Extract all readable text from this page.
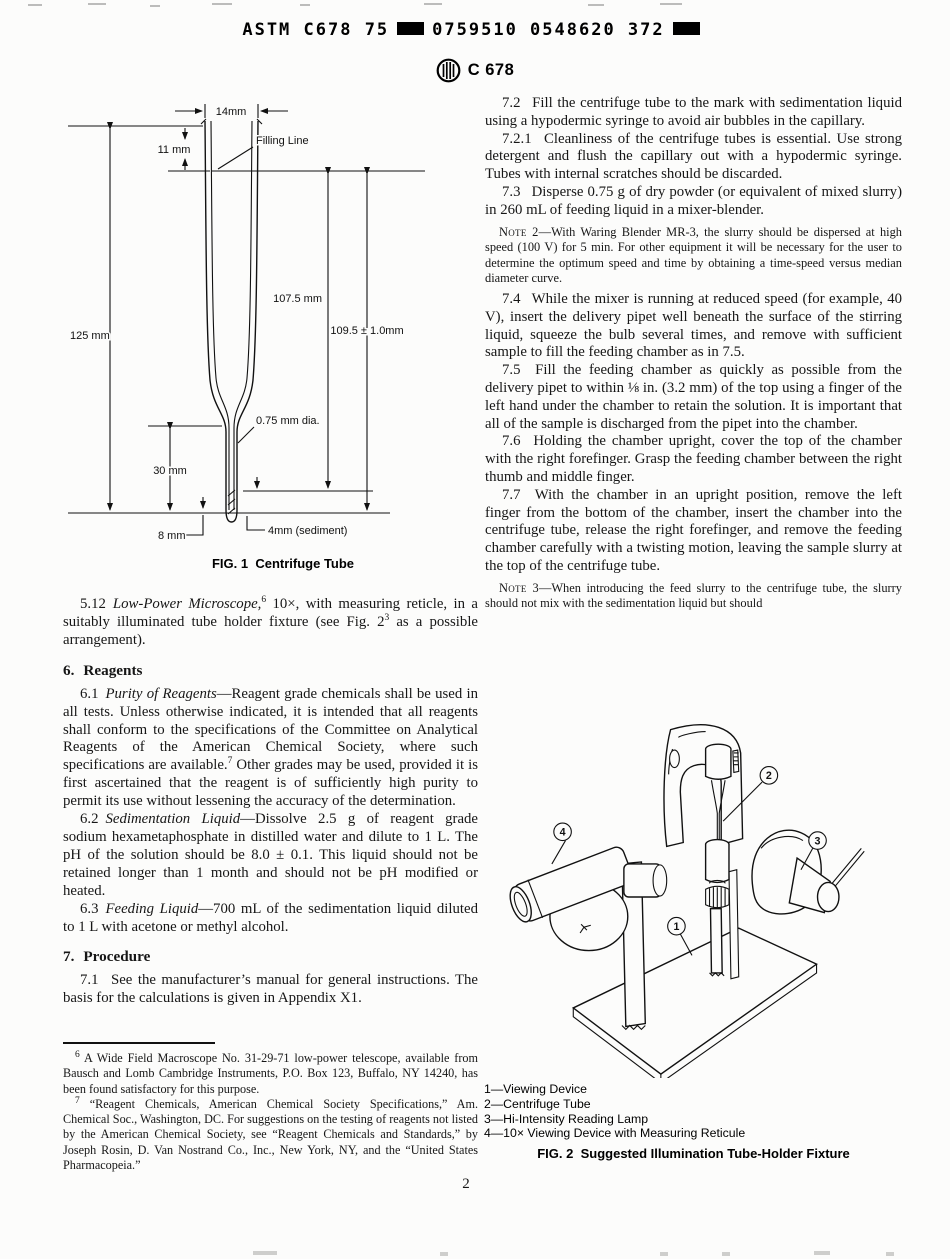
ASTM C678 75	0759510 0548620 372
C 678
14mm
11 mm
Filling Line
107.5 mm
125 mm	109.5 ± 1.0mm
0.75 mm dia.
30 mm
8 mm	4mm (sediment)
FIG. 1 Centrifuge Tube

5.12 Low-Power Microscope,$^6$ 10×, with measuring reticle, in a suitably illuminated tube holder fixture (see Fig. $2^3$ as a possible arrangement).

6. Reagents

6.1 Purity of Reagents—Reagent grade chemicals shall be used in all tests. Unless otherwise indicated, it is intended that all reagents shall conform to the specifications of the Committee on Analytical Reagents of the American Chemical Society, where such specifications are available.$^7$ Other grades may be used, provided it is first ascertained that the reagent is of sufficiently high purity to permit its use without lessening the accuracy of the determination.

6.2 Sedimentation Liquid—Dissolve 2.5 g of reagent grade sodium hexametaphosphate in distilled water and dilute to 1 L. The pH of the solution should be 8.0 ± 0.1. This liquid should not be retained longer than 1 month and should not be pH modified or heated.

6.3 Feeding Liquid—700 mL of the sedimentation liquid diluted to 1 L with acetone or methyl alcohol.

7. Procedure

7.1 See the manufacturer’s manual for general instructions. The basis for the calculations is given in Appendix X1.

$^6$ A Wide Field Macroscope No. 31-29-71 low-power telescope, available from Bausch and Lomb Cambridge Instruments, P.O. Box 123, Buffalo, NY 14240, has been found satisfactory for this purpose.

$^7$ “Reagent Chemicals, American Chemical Society Specifications,” Am. Chemical Soc., Washington, DC. For suggestions on the testing of reagents not listed by the American Chemical Society, see “Reagent Chemicals and Standards,” by Joseph Rosin, D. Van Nostrand Co., Inc., New York, NY, and the “United States Pharmacopeia.”

7.2 Fill the centrifuge tube to the mark with sedimentation liquid using a hypodermic syringe to avoid air bubbles in the capillary.

7.2.1 Cleanliness of the centrifuge tubes is essential. Use strong detergent and flush the capillary out with a hypodermic syringe. Tubes with internal scratches should be discarded.

7.3 Disperse 0.75 g of dry powder (or equivalent of mixed slurry) in 260 mL of feeding liquid in a mixer-blender.

Note 2—With Waring Blender MR-3, the slurry should be dispersed at high speed (100 V) for 5 min. For other equipment it will be necessary for the user to determine the optimum speed and time by obtaining a time-speed versus median diameter curve.

7.4 While the mixer is running at reduced speed (for example, 40 V), insert the delivery pipet well beneath the surface of the stirring liquid, squeeze the bulb several times, and remove with sufficient sample to fill the feeding chamber as in 7.5.

7.5 Fill the feeding chamber as quickly as possible from the delivery pipet to within ⅛ in. (3.2 mm) of the top using a finger of the left hand under the chamber to retain the solution. It is important that all of the sample is discharged from the pipet into the chamber.

7.6 Holding the chamber upright, cover the top of the chamber with the right forefinger. Grasp the feeding chamber between the right thumb and middle finger.

7.7 With the chamber in an upright position, remove the left finger from the bottom of the chamber, insert the chamber into the centrifuge tube, release the right forefinger, and remove the feeding chamber carefully with a twisting motion, leaving the sample slurry at the top of the centrifuge tube.

Note 3—When introducing the feed slurry to the centrifuge tube, the slurry should not mix with the sedimentation liquid but should

1
2
3
4
1—Viewing Device
2—Centrifuge Tube
3—Hi-Intensity Reading Lamp
4—10× Viewing Device with Measuring Reticule
FIG. 2 Suggested Illumination Tube-Holder Fixture
2
